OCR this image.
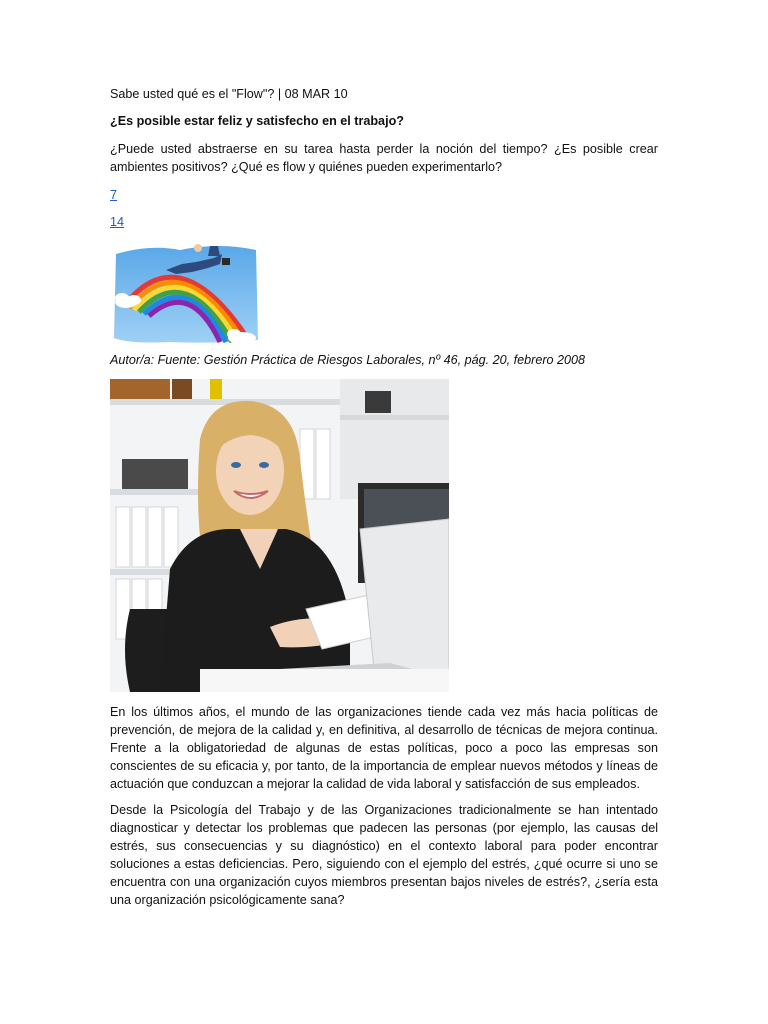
Sabe usted qué es el "Flow"? | 08 MAR 10

¿Es posible estar feliz y satisfecho en el trabajo?

¿Puede usted abstraerse en su tarea hasta perder la noción del tiempo? ¿Es posible crear ambientes positivos? ¿Qué es flow y quiénes pueden experimentarlo?

7

14

Autor/a: Fuente: Gestión Práctica de Riesgos Laborales, nº 46, pág. 20, febrero 2008

En los últimos años, el mundo de las organizaciones tiende cada vez más hacia políticas de prevención, de mejora de la calidad y, en definitiva, al desarrollo de técnicas de mejora continua. Frente a la obligatoriedad de algunas de estas políticas, poco a poco las empresas son conscientes de su eficacia y, por tanto, de la importancia de emplear nuevos métodos y líneas de actuación que conduzcan a mejorar la calidad de vida laboral y satisfacción de sus empleados.

Desde la Psicología del Trabajo y de las Organizaciones tradicionalmente se han intentado diagnosticar y detectar los problemas que padecen las personas (por ejemplo, las causas del estrés, sus consecuencias y su diagnóstico) en el contexto laboral para poder encontrar soluciones a estas deficiencias. Pero, siguiendo con el ejemplo del estrés, ¿qué ocurre si uno se encuentra con una organización cuyos miembros presentan bajos niveles de estrés?, ¿sería esta una organización psicológicamente sana?
